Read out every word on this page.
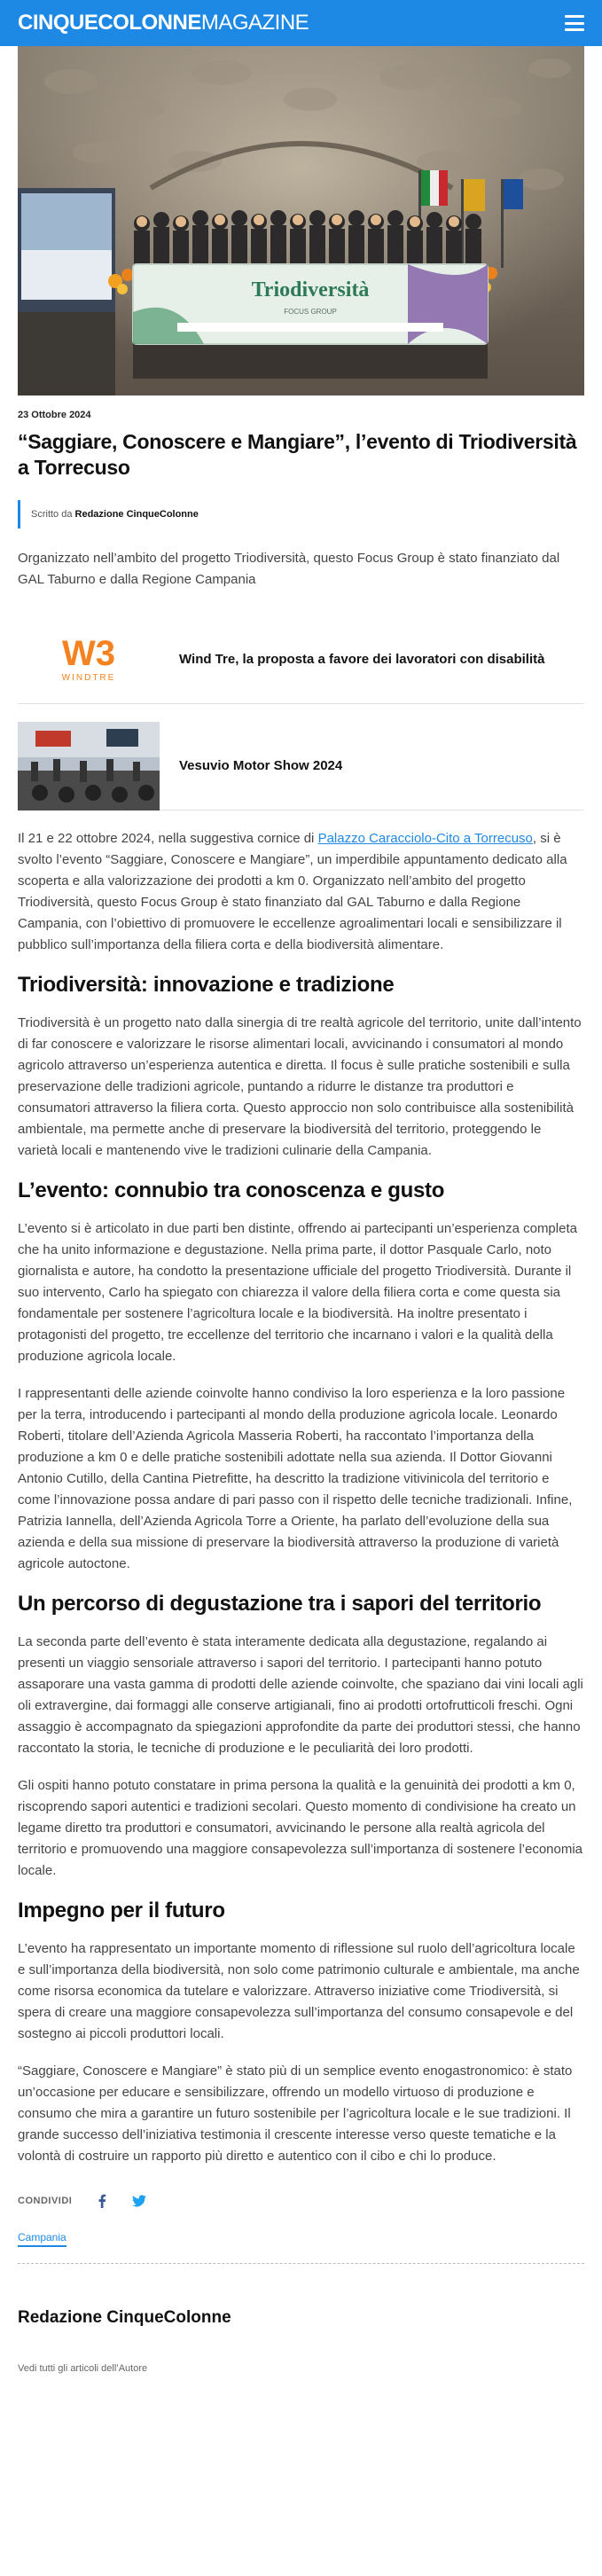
CINQUECOLONNEMAGAZINE
Triodiversità
FOCUS GROUP
23 Ottobre 2024
“Saggiare, Conoscere e Mangiare”, l’evento di Triodiversità a Torrecuso
Scritto da Redazione CinqueColonne

Organizzato nell’ambito del progetto Triodiversità, questo Focus Group è stato finanziato dal GAL Taburno e dalla Regione Campania

W3
WINDTRE
Wind Tre, la proposta a favore dei lavoratori con disabilità
Vesuvio Motor Show 2024

Il 21 e 22 ottobre 2024, nella suggestiva cornice di Palazzo Caracciolo-Cito a Torrecuso, si è svolto l’evento “Saggiare, Conoscere e Mangiare”, un imperdibile appuntamento dedicato alla scoperta e alla valorizzazione dei prodotti a km 0. Organizzato nell’ambito del progetto Triodiversità, questo Focus Group è stato finanziato dal GAL Taburno e dalla Regione Campania, con l’obiettivo di promuovere le eccellenze agroalimentari locali e sensibilizzare il pubblico sull’importanza della filiera corta e della biodiversità alimentare.

Triodiversità: innovazione e tradizione

Triodiversità è un progetto nato dalla sinergia di tre realtà agricole del territorio, unite dall’intento di far conoscere e valorizzare le risorse alimentari locali, avvicinando i consumatori al mondo agricolo attraverso un’esperienza autentica e diretta. Il focus è sulle pratiche sostenibili e sulla preservazione delle tradizioni agricole, puntando a ridurre le distanze tra produttori e consumatori attraverso la filiera corta. Questo approccio non solo contribuisce alla sostenibilità ambientale, ma permette anche di preservare la biodiversità del territorio, proteggendo le varietà locali e mantenendo vive le tradizioni culinarie della Campania.

L’evento: connubio tra conoscenza e gusto

L’evento si è articolato in due parti ben distinte, offrendo ai partecipanti un’esperienza completa che ha unito informazione e degustazione. Nella prima parte, il dottor Pasquale Carlo, noto giornalista e autore, ha condotto la presentazione ufficiale del progetto Triodiversità. Durante il suo intervento, Carlo ha spiegato con chiarezza il valore della filiera corta e come questa sia fondamentale per sostenere l’agricoltura locale e la biodiversità. Ha inoltre presentato i protagonisti del progetto, tre eccellenze del territorio che incarnano i valori e la qualità della produzione agricola locale.

I rappresentanti delle aziende coinvolte hanno condiviso la loro esperienza e la loro passione per la terra, introducendo i partecipanti al mondo della produzione agricola locale. Leonardo Roberti, titolare dell’Azienda Agricola Masseria Roberti, ha raccontato l’importanza della produzione a km 0 e delle pratiche sostenibili adottate nella sua azienda. Il Dottor Giovanni Antonio Cutillo, della Cantina Pietrefitte, ha descritto la tradizione vitivinicola del territorio e come l’innovazione possa andare di pari passo con il rispetto delle tecniche tradizionali. Infine, Patrizia Iannella, dell’Azienda Agricola Torre a Oriente, ha parlato dell’evoluzione della sua azienda e della sua missione di preservare la biodiversità attraverso la produzione di varietà agricole autoctone.

Un percorso di degustazione tra i sapori del territorio

La seconda parte dell’evento è stata interamente dedicata alla degustazione, regalando ai presenti un viaggio sensoriale attraverso i sapori del territorio. I partecipanti hanno potuto assaporare una vasta gamma di prodotti delle aziende coinvolte, che spaziano dai vini locali agli oli extravergine, dai formaggi alle conserve artigianali, fino ai prodotti ortofrutticoli freschi. Ogni assaggio è accompagnato da spiegazioni approfondite da parte dei produttori stessi, che hanno raccontato la storia, le tecniche di produzione e le peculiarità dei loro prodotti.

Gli ospiti hanno potuto constatare in prima persona la qualità e la genuinità dei prodotti a km 0, riscoprendo sapori autentici e tradizioni secolari. Questo momento di condivisione ha creato un legame diretto tra produttori e consumatori, avvicinando le persone alla realtà agricola del territorio e promuovendo una maggiore consapevolezza sull’importanza di sostenere l’economia locale.

Impegno per il futuro

L’evento ha rappresentato un importante momento di riflessione sul ruolo dell’agricoltura locale e sull’importanza della biodiversità, non solo come patrimonio culturale e ambientale, ma anche come risorsa economica da tutelare e valorizzare. Attraverso iniziative come Triodiversità, si spera di creare una maggiore consapevolezza sull’importanza del consumo consapevole e del sostegno ai piccoli produttori locali.

“Saggiare, Conoscere e Mangiare” è stato più di un semplice evento enogastronomico: è stato un’occasione per educare e sensibilizzare, offrendo un modello virtuoso di produzione e consumo che mira a garantire un futuro sostenibile per l’agricoltura locale e le sue tradizioni. Il grande successo dell’iniziativa testimonia il crescente interesse verso queste tematiche e la volontà di costruire un rapporto più diretto e autentico con il cibo e chi lo produce.

CONDIVIDI
Campania
Redazione CinqueColonne
Vedi tutti gli articoli dell’Autore
